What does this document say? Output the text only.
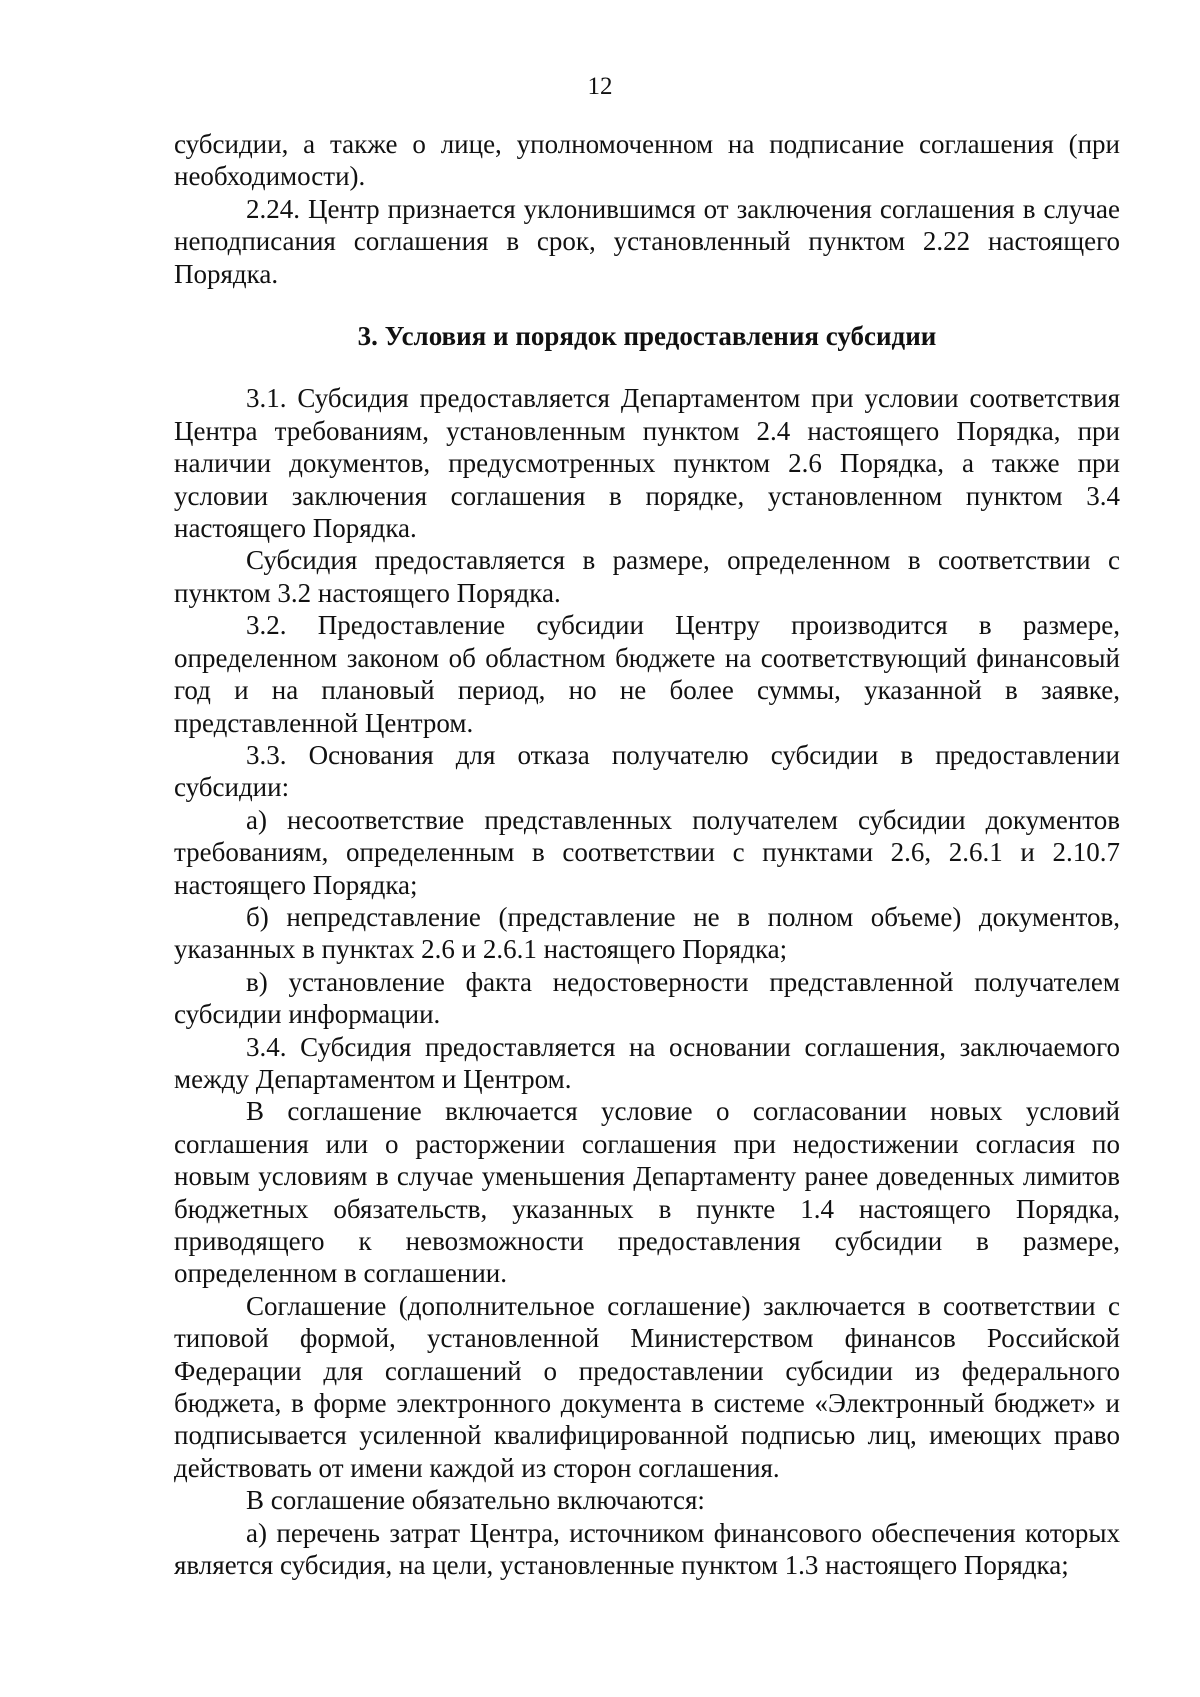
12

субсидии, а также о лице, уполномоченном на подписание соглашения (при необходимости).

2.24. Центр признается уклонившимся от заключения соглашения в случае неподписания соглашения в срок, установленный пунктом 2.22 настоящего Порядка.

3. Условия и порядок предоставления субсидии

3.1. Субсидия предоставляется Департаментом при условии соответствия Центра требованиям, установленным пунктом 2.4 настоящего Порядка, при наличии документов, предусмотренных пунктом 2.6 Порядка, а также при условии заключения соглашения в порядке, установленном пунктом 3.4 настоящего Порядка.

Субсидия предоставляется в размере, определенном в соответствии с пунктом 3.2 настоящего Порядка.

3.2. Предоставление субсидии Центру производится в размере, определенном законом об областном бюджете на соответствующий финансовый год и на плановый период, но не более суммы, указанной в заявке, представленной Центром.

3.3. Основания для отказа получателю субсидии в предоставлении субсидии:

а) несоответствие представленных получателем субсидии документов требованиям, определенным в соответствии с пунктами 2.6, 2.6.1 и 2.10.7 настоящего Порядка;

б) непредставление (представление не в полном объеме) документов, указанных в пунктах 2.6 и 2.6.1 настоящего Порядка;

в) установление факта недостоверности представленной получателем субсидии информации.

3.4. Субсидия предоставляется на основании соглашения, заключаемого между Департаментом и Центром.

В соглашение включается условие о согласовании новых условий соглашения или о расторжении соглашения при недостижении согласия по новым условиям в случае уменьшения Департаменту ранее доведенных лимитов бюджетных обязательств, указанных в пункте 1.4 настоящего Порядка, приводящего к невозможности предоставления субсидии в размере, определенном в соглашении.

Соглашение (дополнительное соглашение) заключается в соответствии с типовой формой, установленной Министерством финансов Российской Федерации для соглашений о предоставлении субсидии из федерального бюджета, в форме электронного документа в системе «Электронный бюджет» и подписывается усиленной квалифицированной подписью лиц, имеющих право действовать от имени каждой из сторон соглашения.

В соглашение обязательно включаются:

а) перечень затрат Центра, источником финансового обеспечения которых является субсидия, на цели, установленные пунктом 1.3 настоящего Порядка;
